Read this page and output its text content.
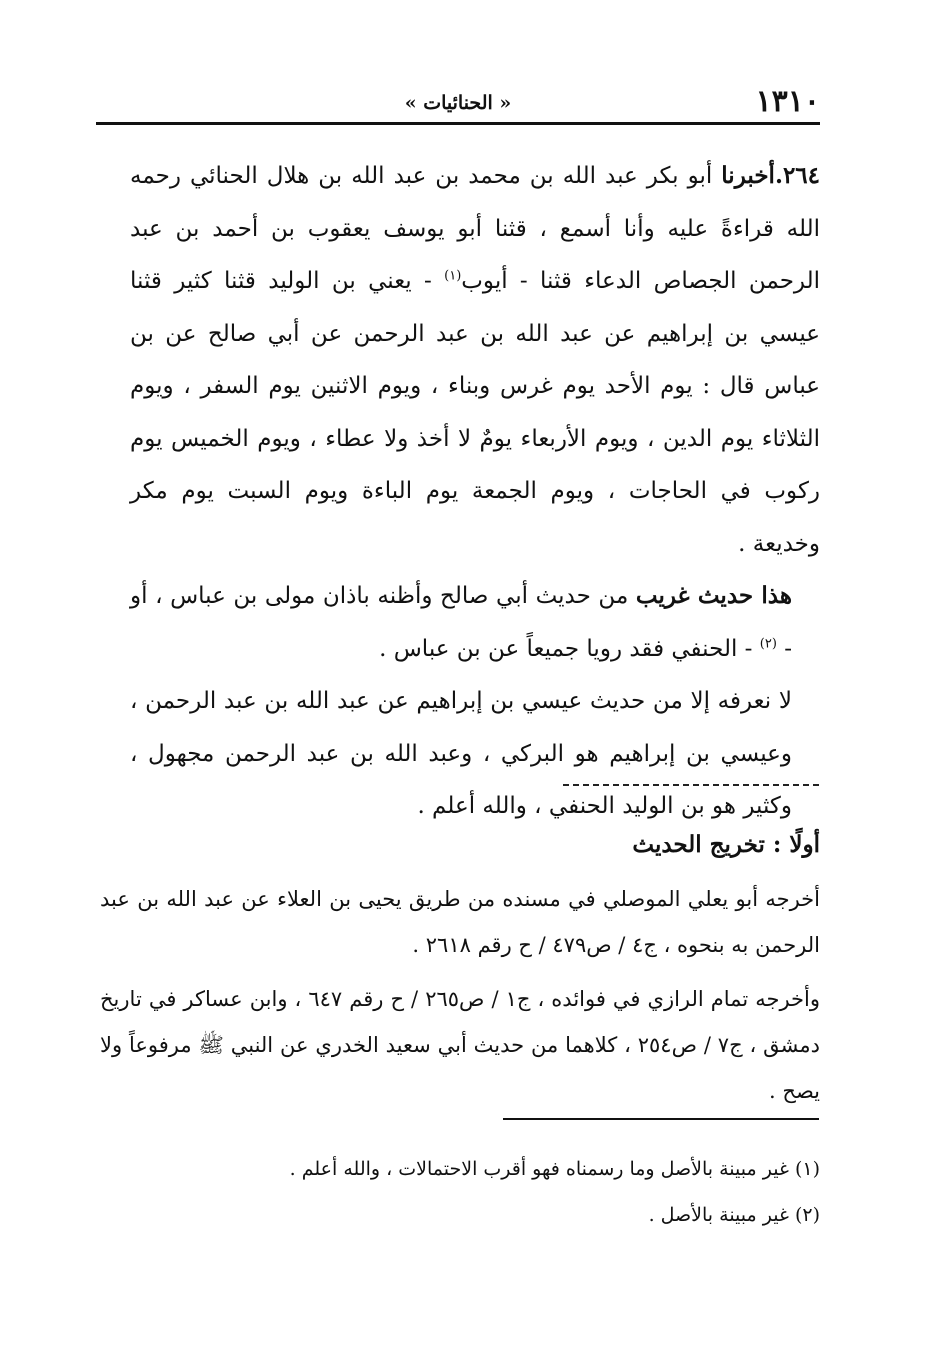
١٣١٠
« الحنائيات »

٢٦٤.أخبرنا أبو بكر عبد الله بن محمد بن عبد الله بن هلال الحنائي رحمه الله قراءةً عليه وأنا أسمع ، قثنا أبو يوسف يعقوب بن أحمد بن عبد الرحمن الجصاص الدعاء قثنا - أيوب$^{(١)}$ - يعني بن الوليد قثنا كثير قثنا عيسي بن إبراهيم عن عبد الله بن عبد الرحمن عن أبي صالح عن بن عباس قال : يوم الأحد يوم غرس وبناء ، ويوم الاثنين يوم السفر ، ويوم الثلاثاء يوم الدين ، ويوم الأربعاء يومٌ لا أخذ ولا عطاء ، ويوم الخميس يوم ركوب في الحاجات ، ويوم الجمعة يوم الباءة ويوم السبت يوم مكر وخديعة .

هذا حديث غريب من حديث أبي صالح وأظنه باذان مولى بن عباس ، أو - $^{(٢)}$ - الحنفي فقد رويا جميعاً عن بن عباس .

لا نعرفه إلا من حديث عيسي بن إبراهيم عن عبد الله بن عبد الرحمن ، وعيسي بن إبراهيم هو البركي ، وعبد الله بن عبد الرحمن مجهول ، وكثير هو بن الوليد الحنفي ، والله أعلم .

أولًا : تخريج الحديث

أخرجه أبو يعلي الموصلي في مسنده من طريق يحيى بن العلاء عن عبد الله بن عبد الرحمن به بنحوه ، ج٤ / ص٤٧٩ / ح رقم ٢٦١٨ .

وأخرجه تمام الرازي في فوائده ، ج١ / ص٢٦٥ / ح رقم ٦٤٧ ، وابن عساكر في تاريخ دمشق ، ج٧ / ص٢٥٤ ، كلاهما من حديث أبي سعيد الخدري عن النبي ﷺ مرفوعاً ولا يصح .

(١) غير مبينة بالأصل وما رسمناه فهو أقرب الاحتمالات ، والله أعلم .

(٢) غير مبينة بالأصل .
